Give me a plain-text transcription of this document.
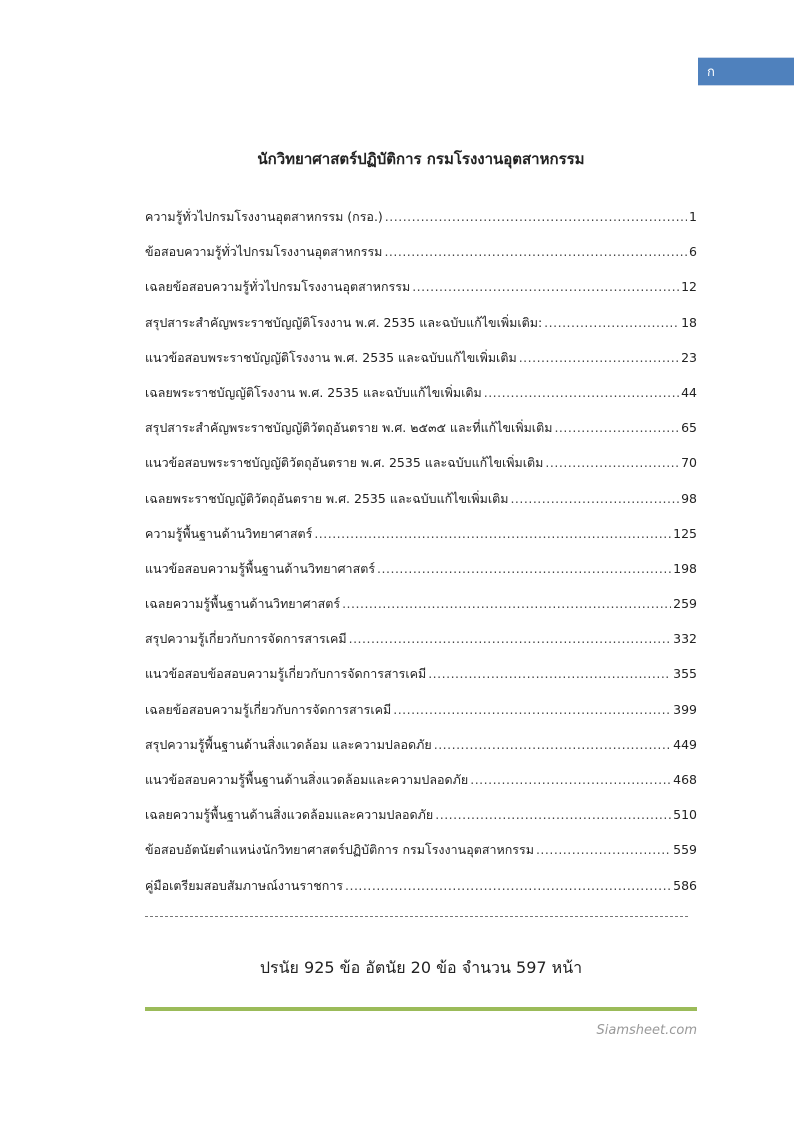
ก
นักวิทยาศาสตร์ปฏิบัติการ กรมโรงงานอุตสาหกรรม
ความรู้ทั่วไปกรมโรงงานอุตสาหกรรม (กรอ.) .....	1
ข้อสอบความรู้ทั่วไปกรมโรงงานอุตสาหกรรม .....	6
เฉลยข้อสอบความรู้ทั่วไปกรมโรงงานอุตสาหกรรม .....	12
สรุปสาระสำคัญพระราชบัญญัติโรงงาน พ.ศ. 2535 และฉบับแก้ไขเพิ่มเติม: .....	18
แนวข้อสอบพระราชบัญญัติโรงงาน พ.ศ. 2535 และฉบับแก้ไขเพิ่มเติม .....	23
เฉลยพระราชบัญญัติโรงงาน พ.ศ. 2535 และฉบับแก้ไขเพิ่มเติม .....	44
สรุปสาระสำคัญพระราชบัญญัติวัตถุอันตราย พ.ศ. ๒๕๓๕ และที่แก้ไขเพิ่มเติม .....	65
แนวข้อสอบพระราชบัญญัติวัตถุอันตราย พ.ศ. 2535 และฉบับแก้ไขเพิ่มเติม .....	70
เฉลยพระราชบัญญัติวัตถุอันตราย พ.ศ. 2535 และฉบับแก้ไขเพิ่มเติม .....	98
ความรู้พื้นฐานด้านวิทยาศาสตร์ .....	125
แนวข้อสอบความรู้พื้นฐานด้านวิทยาศาสตร์ .....	198
เฉลยความรู้พื้นฐานด้านวิทยาศาสตร์ .....	259
สรุปความรู้เกี่ยวกับการจัดการสารเคมี .....	332
แนวข้อสอบข้อสอบความรู้เกี่ยวกับการจัดการสารเคมี .....	355
เฉลยข้อสอบความรู้เกี่ยวกับการจัดการสารเคมี .....	399
สรุปความรู้พื้นฐานด้านสิ่งแวดล้อม และความปลอดภัย .....	449
แนวข้อสอบความรู้พื้นฐานด้านสิ่งแวดล้อมและความปลอดภัย .....	468
เฉลยความรู้พื้นฐานด้านสิ่งแวดล้อมและความปลอดภัย .....	510
ข้อสอบอัตนัยตำแหน่งนักวิทยาศาสตร์ปฏิบัติการ กรมโรงงานอุตสาหกรรม .....	559
คู่มือเตรียมสอบสัมภาษณ์งานราชการ .....	586
ปรนัย 925 ข้อ อัตนัย 20 ข้อ จำนวน 597 หน้า
Siamsheet.com
